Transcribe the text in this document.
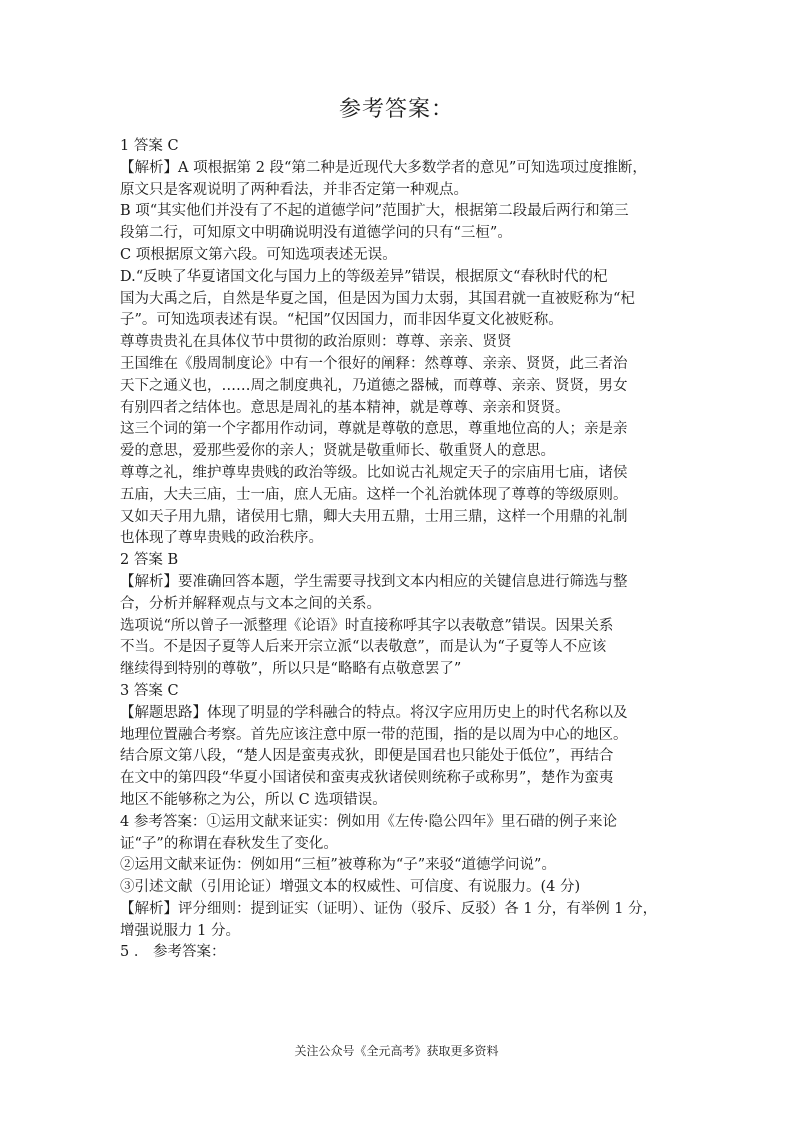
参考答案：
1 答案 C
【解析】A 项根据第 2 段“第二种是近现代大多数学者的意见”可知选项过度推断，
原文只是客观说明了两种看法，并非否定第一种观点。
B 项“其实他们并没有了不起的道德学问”范围扩大，根据第二段最后两行和第三
段第二行，可知原文中明确说明没有道德学问的只有“三桓”。
C 项根据原文第六段。可知选项表述无误。
D.“反映了华夏诸国文化与国力上的等级差异”错误，根据原文“春秋时代的杞
国为大禹之后，自然是华夏之国，但是因为国力太弱，其国君就一直被贬称为“杞
子”。可知选项表述有误。“杞国”仅因国力，而非因华夏文化被贬称。
尊尊贵贵礼在具体仪节中贯彻的政治原则：尊尊、亲亲、贤贤
王国维在《殷周制度论》中有一个很好的阐释：然尊尊、亲亲、贤贤，此三者治
天下之通义也，……周之制度典礼，乃道德之器械，而尊尊、亲亲、贤贤，男女
有别四者之结体也。意思是周礼的基本精神，就是尊尊、亲亲和贤贤。
这三个词的第一个字都用作动词，尊就是尊敬的意思，尊重地位高的人；亲是亲
爱的意思，爱那些爱你的亲人；贤就是敬重师长、敬重贤人的意思。
尊尊之礼，维护尊卑贵贱的政治等级。比如说古礼规定天子的宗庙用七庙，诸侯
五庙，大夫三庙，士一庙，庶人无庙。这样一个礼治就体现了尊尊的等级原则。
又如天子用九鼎，诸侯用七鼎，卿大夫用五鼎，士用三鼎，这样一个用鼎的礼制
也体现了尊卑贵贱的政治秩序。
2 答案 B
【解析】要准确回答本题，学生需要寻找到文本内相应的关键信息进行筛选与整
合，分析并解释观点与文本之间的关系。
选项说“所以曾子一派整理《论语》时直接称呼其字以表敬意”错误。因果关系
不当。不是因子夏等人后来开宗立派“以表敬意”，而是认为“子夏等人不应该
继续得到特别的尊敬”，所以只是“略略有点敬意罢了”
3 答案 C
【解题思路】体现了明显的学科融合的特点。将汉字应用历史上的时代名称以及
地理位置融合考察。首先应该注意中原一带的范围，指的是以周为中心的地区。
结合原文第八段，“楚人因是蛮夷戎狄，即便是国君也只能处于低位”，再结合
在文中的第四段“华夏小国诸侯和蛮夷戎狄诸侯则统称子或称男”，楚作为蛮夷
地区不能够称之为公，所以 C 选项错误。
4 参考答案：①运用文献来证实：例如用《左传·隐公四年》里石碏的例子来论
证“子”的称谓在春秋发生了变化。
②运用文献来证伪：例如用“三桓”被尊称为“子”来驳“道德学问说”。
③引述文献（引用论证）增强文本的权威性、可信度、有说服力。(4 分)
【解析】评分细则：提到证实（证明）、证伪（驳斥、反驳）各 1 分，有举例 1 分，
增强说服力 1 分。
5 ． 参考答案：
关注公众号《全元高考》获取更多资料
